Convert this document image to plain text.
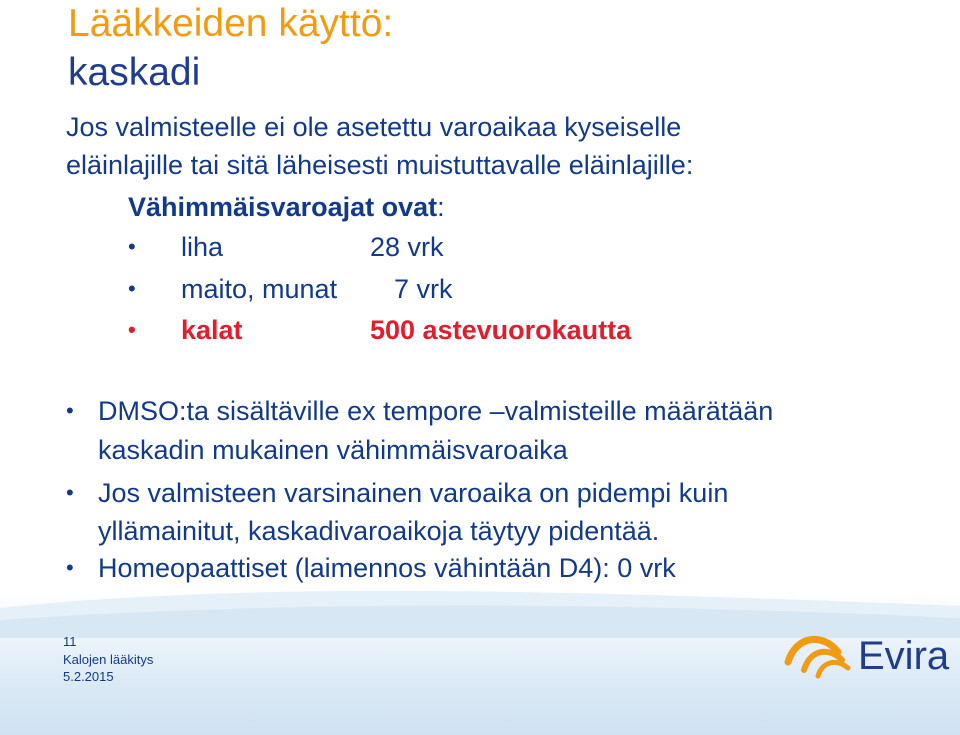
Lääkkeiden käyttö:
kaskadi
Jos valmisteelle ei ole asetettu varoaikaa kyseiselle
eläinlajille tai sitä läheisesti muistuttavalle eläinlajille:
Vähimmäisvaroajat ovat:
• liha	28 vrk
• maito, munat 7 vrk
• kalat	500 astevuorokautta
• DMSO:ta sisältäville ex tempore –valmisteille määrätään
kaskadin mukainen vähimmäisvaroaika
• Jos valmisteen varsinainen varoaika on pidempi kuin
yllämainitut, kaskadivaroaikoja täytyy pidentää.
• Homeopaattiset (laimennos vähintään D4): 0 vrk
11
Kalojen lääkitys
5.2.2015	Evira
